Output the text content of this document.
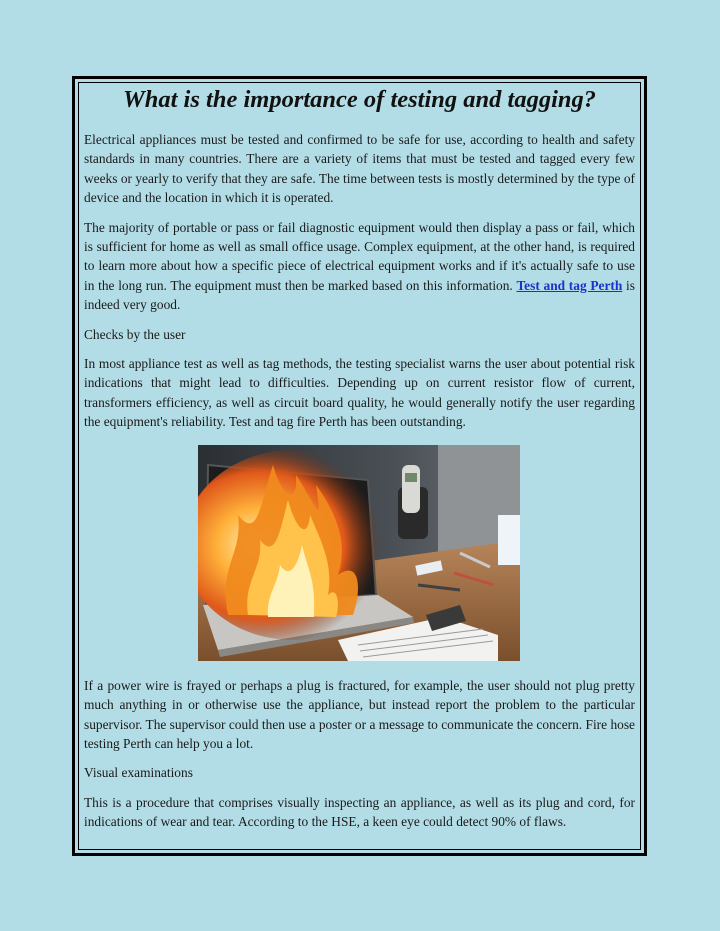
What is the importance of testing and tagging?

Electrical appliances must be tested and confirmed to be safe for use, according to health and safety standards in many countries. There are a variety of items that must be tested and tagged every few weeks or yearly to verify that they are safe. The time between tests is mostly determined by the type of device and the location in which it is operated.

The majority of portable or pass or fail diagnostic equipment would then display a pass or fail, which is sufficient for home as well as small office usage. Complex equipment, at the other hand, is required to learn more about how a specific piece of electrical equipment works and if it's actually safe to use in the long run. The equipment must then be marked based on this information. Test and tag Perth is indeed very good.

Checks by the user

In most appliance test as well as tag methods, the testing specialist warns the user about potential risk indications that might lead to difficulties. Depending up on current resistor flow of current, transformers efficiency, as well as circuit board quality, he would generally notify the user regarding the equipment's reliability. Test and tag fire Perth has been outstanding.

If a power wire is frayed or perhaps a plug is fractured, for example, the user should not plug pretty much anything in or otherwise use the appliance, but instead report the problem to the particular supervisor. The supervisor could then use a poster or a message to communicate the concern. Fire hose testing Perth can help you a lot.

Visual examinations

This is a procedure that comprises visually inspecting an appliance, as well as its plug and cord, for indications of wear and tear. According to the HSE, a keen eye could detect 90% of flaws.
